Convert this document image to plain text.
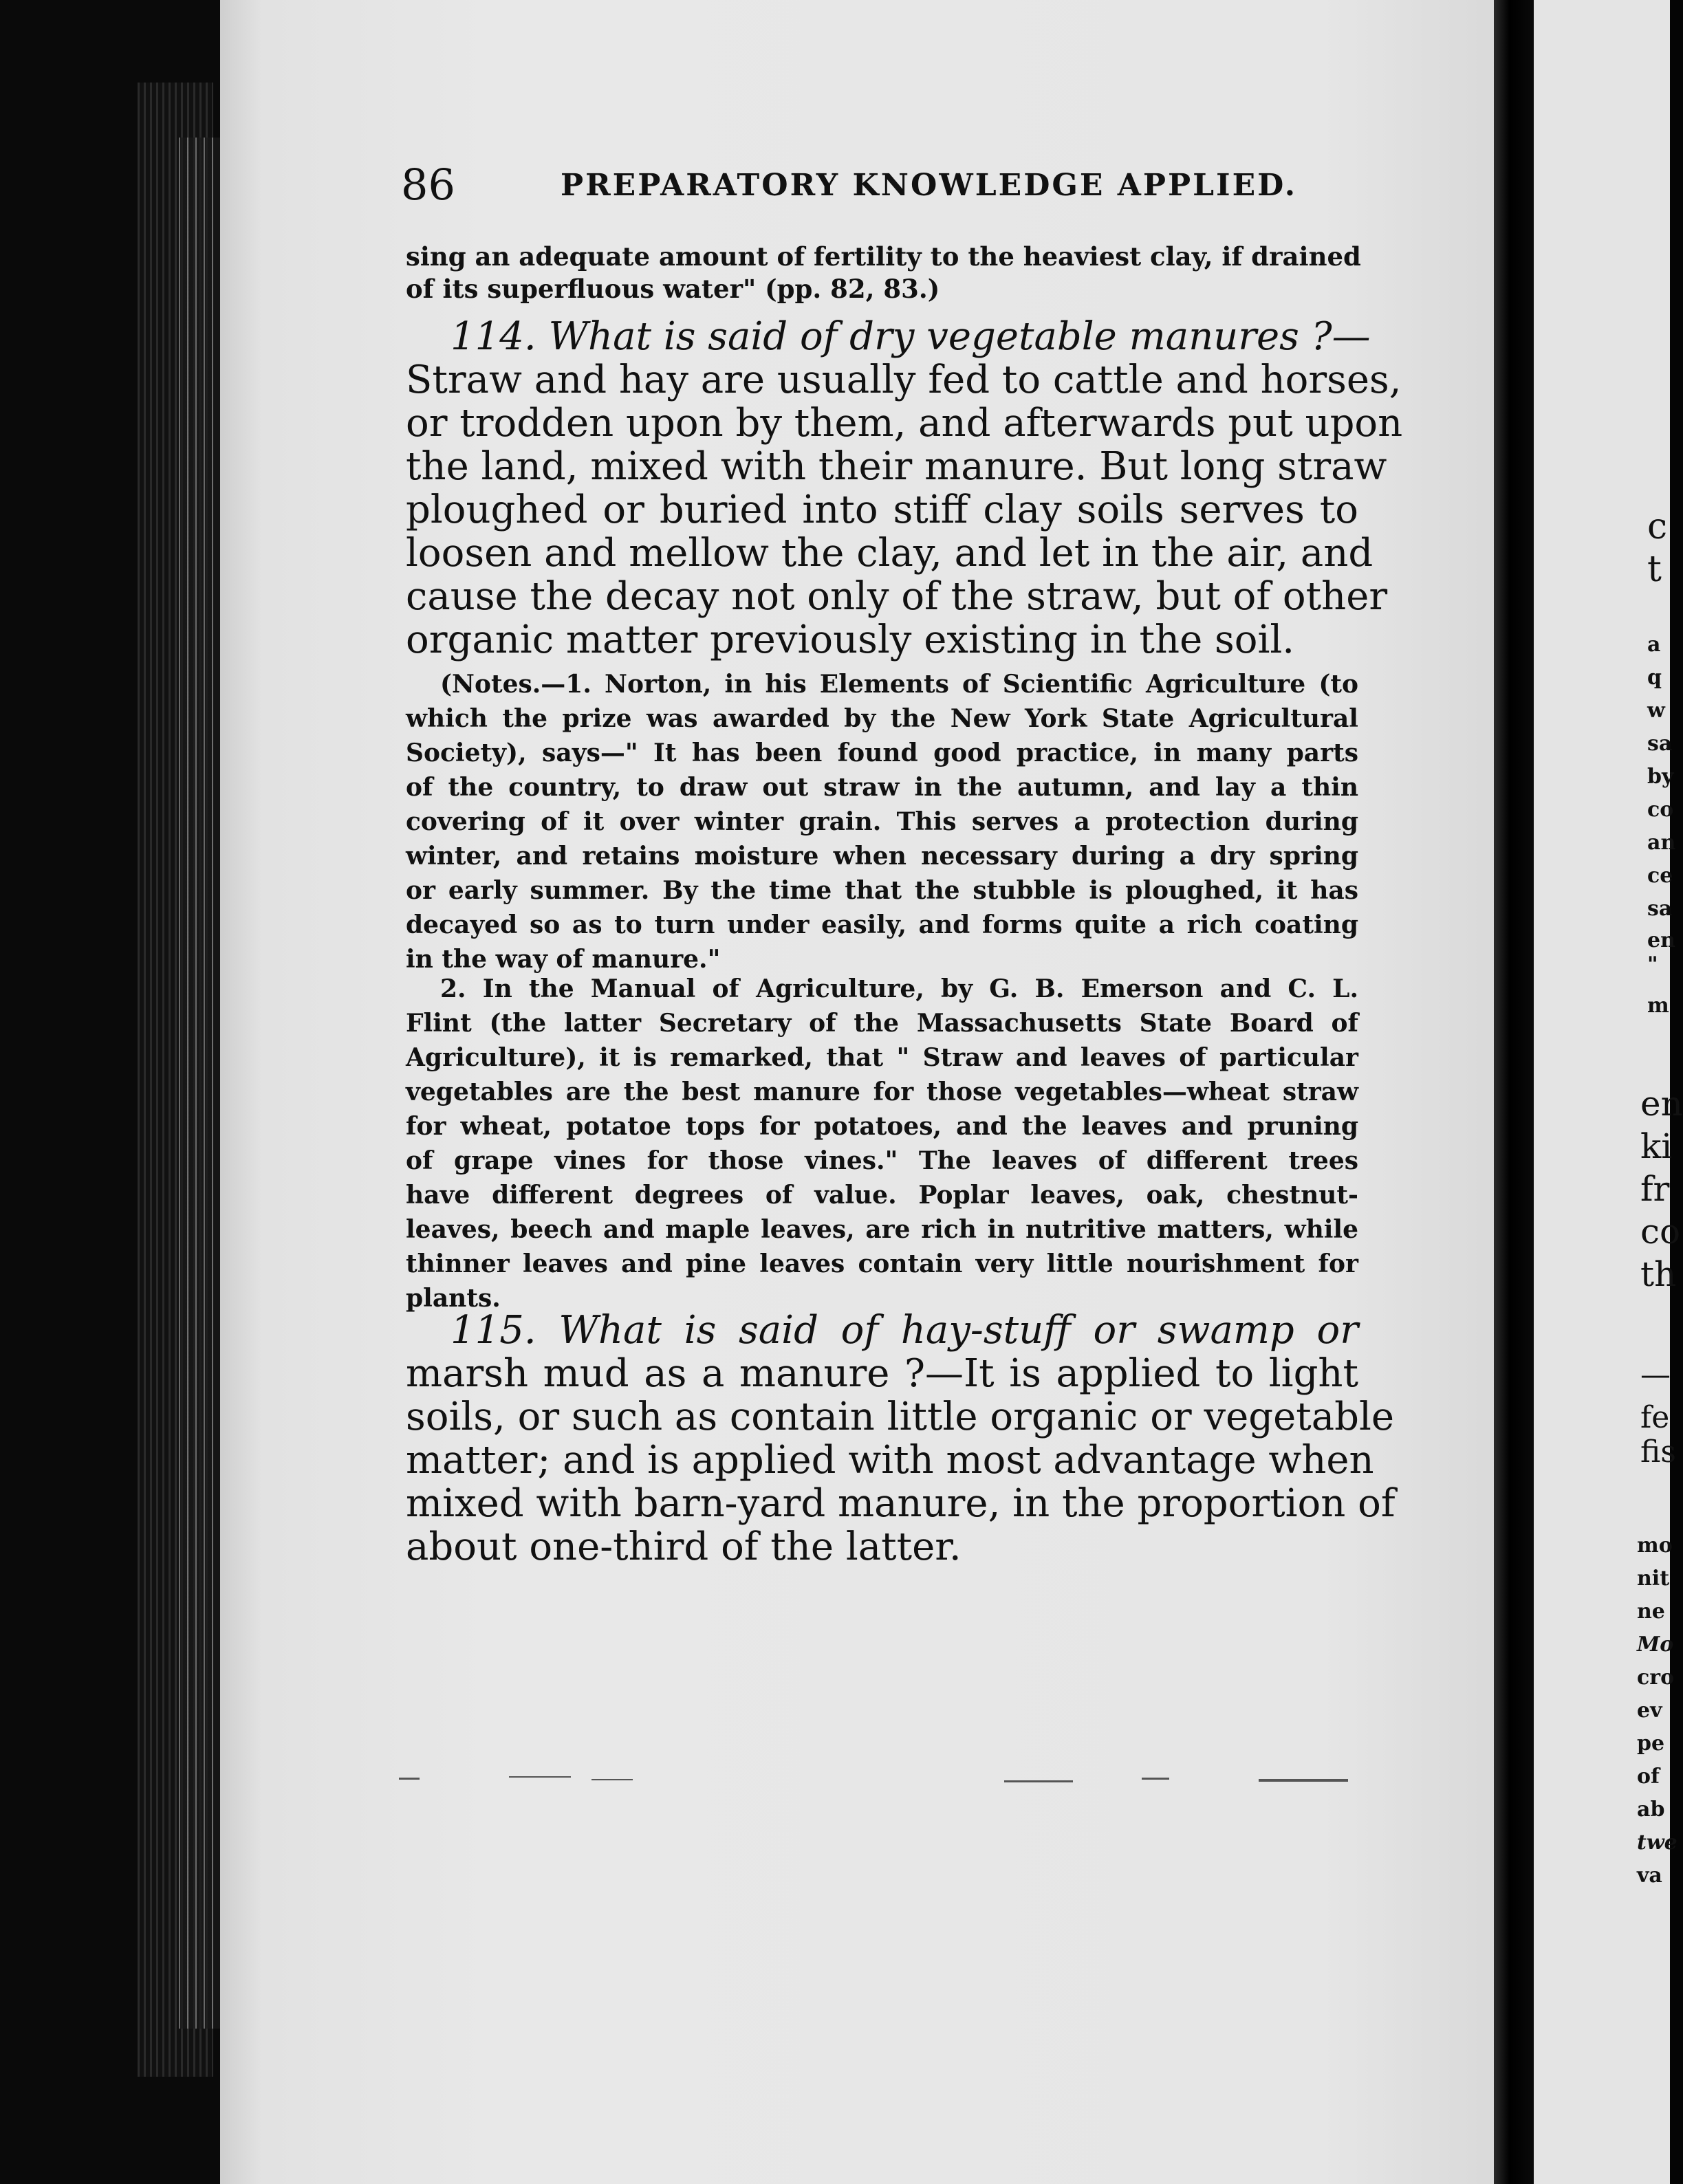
86	PREPARATORY KNOWLEDGE APPLIED.
sing an adequate amount of fertility to the heaviest clay, if drained
of its superfluous water" (pp. 82, 83.)
114. What is said of dry vegetable manures ?—
Straw and hay are usually fed to cattle and horses,
or trodden upon by them, and afterwards put upon
the land, mixed with their manure. But long straw
ploughed or buried into stiff clay soils serves to
loosen and mellow the clay, and let in the air, and
cause the decay not only of the straw, but of other
organic matter previously existing in the soil.
(Notes.—1. Norton, in his Elements of Scientific Agriculture (to
which the prize was awarded by the New York State Agricultural
Society), says—" It has been found good practice, in many parts
of the country, to draw out straw in the autumn, and lay a thin
covering of it over winter grain. This serves a protection during
winter, and retains moisture when necessary during a dry spring
or early summer. By the time that the stubble is ploughed, it has
decayed so as to turn under easily, and forms quite a rich coating
in the way of manure."
2. In the Manual of Agriculture, by G. B. Emerson and C. L.
Flint (the latter Secretary of the Massachusetts State Board of
Agriculture), it is remarked, that " Straw and leaves of particular
vegetables are the best manure for those vegetables—wheat straw
for wheat, potatoe tops for potatoes, and the leaves and pruning
of grape vines for those vines." The leaves of different trees
have different degrees of value. Poplar leaves, oak, chestnut-
leaves, beech and maple leaves, are rich in nutritive matters, while
thinner leaves and pine leaves contain very little nourishment for
plants.
115. What is said of hay-stuff or swamp or
marsh mud as a manure ?—It is applied to light
soils, or such as contain little organic or vegetable
matter; and is applied with most advantage when
mixed with barn-yard manure, in the proportion of
about one-third of the latter.
c
t
a
q
w
sa
by
co
an
ce
sa
en
"
m
en
ki
fr
co
th
—
fe
fis
mo
nit
ne
Mo
cro
ev
pe
of
ab
twe
va
